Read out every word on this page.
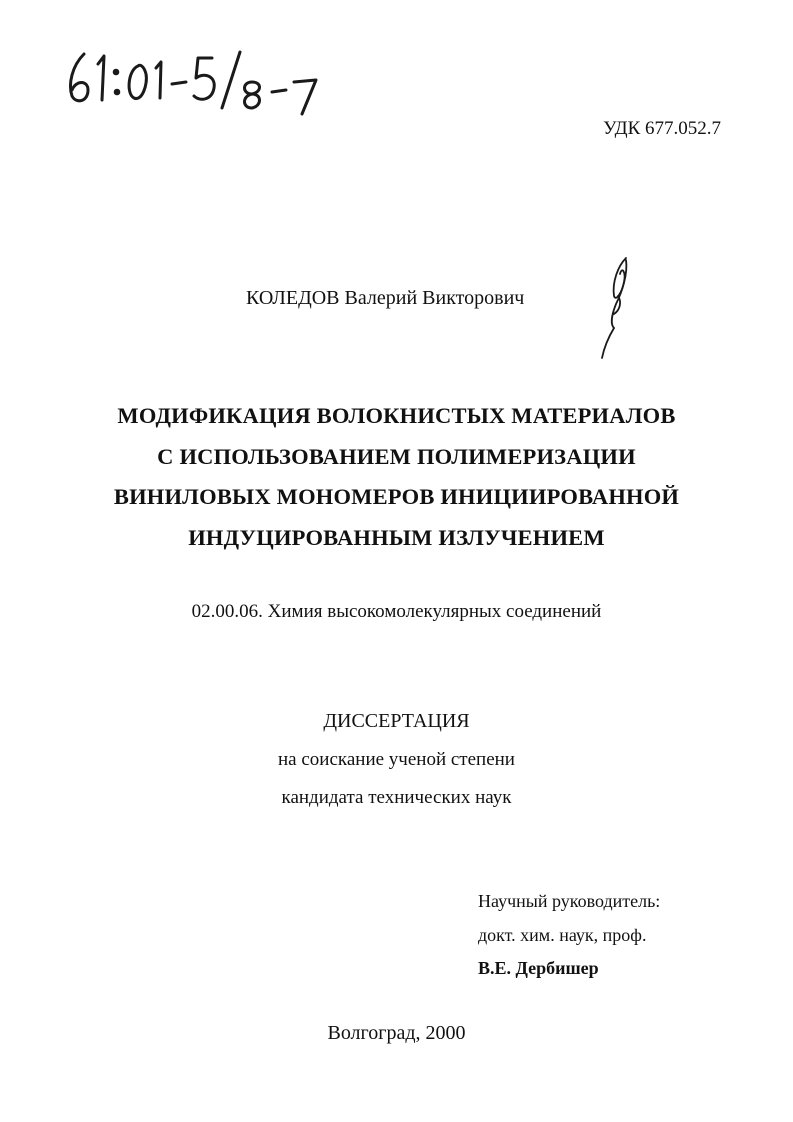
УДК 677.052.7
КОЛЕДОВ Валерий Викторович
МОДИФИКАЦИЯ ВОЛОКНИСТЫХ МАТЕРИАЛОВ
С ИСПОЛЬЗОВАНИЕМ ПОЛИМЕРИЗАЦИИ
ВИНИЛОВЫХ МОНОМЕРОВ ИНИЦИИРОВАННОЙ
ИНДУЦИРОВАННЫМ ИЗЛУЧЕНИЕМ
02.00.06. Химия высокомолекулярных соединений
ДИССЕРТАЦИЯ
на соискание ученой степени
кандидата технических наук
Научный руководитель:
докт. хим. наук, проф.
В.Е. Дербишер
Волгоград, 2000
